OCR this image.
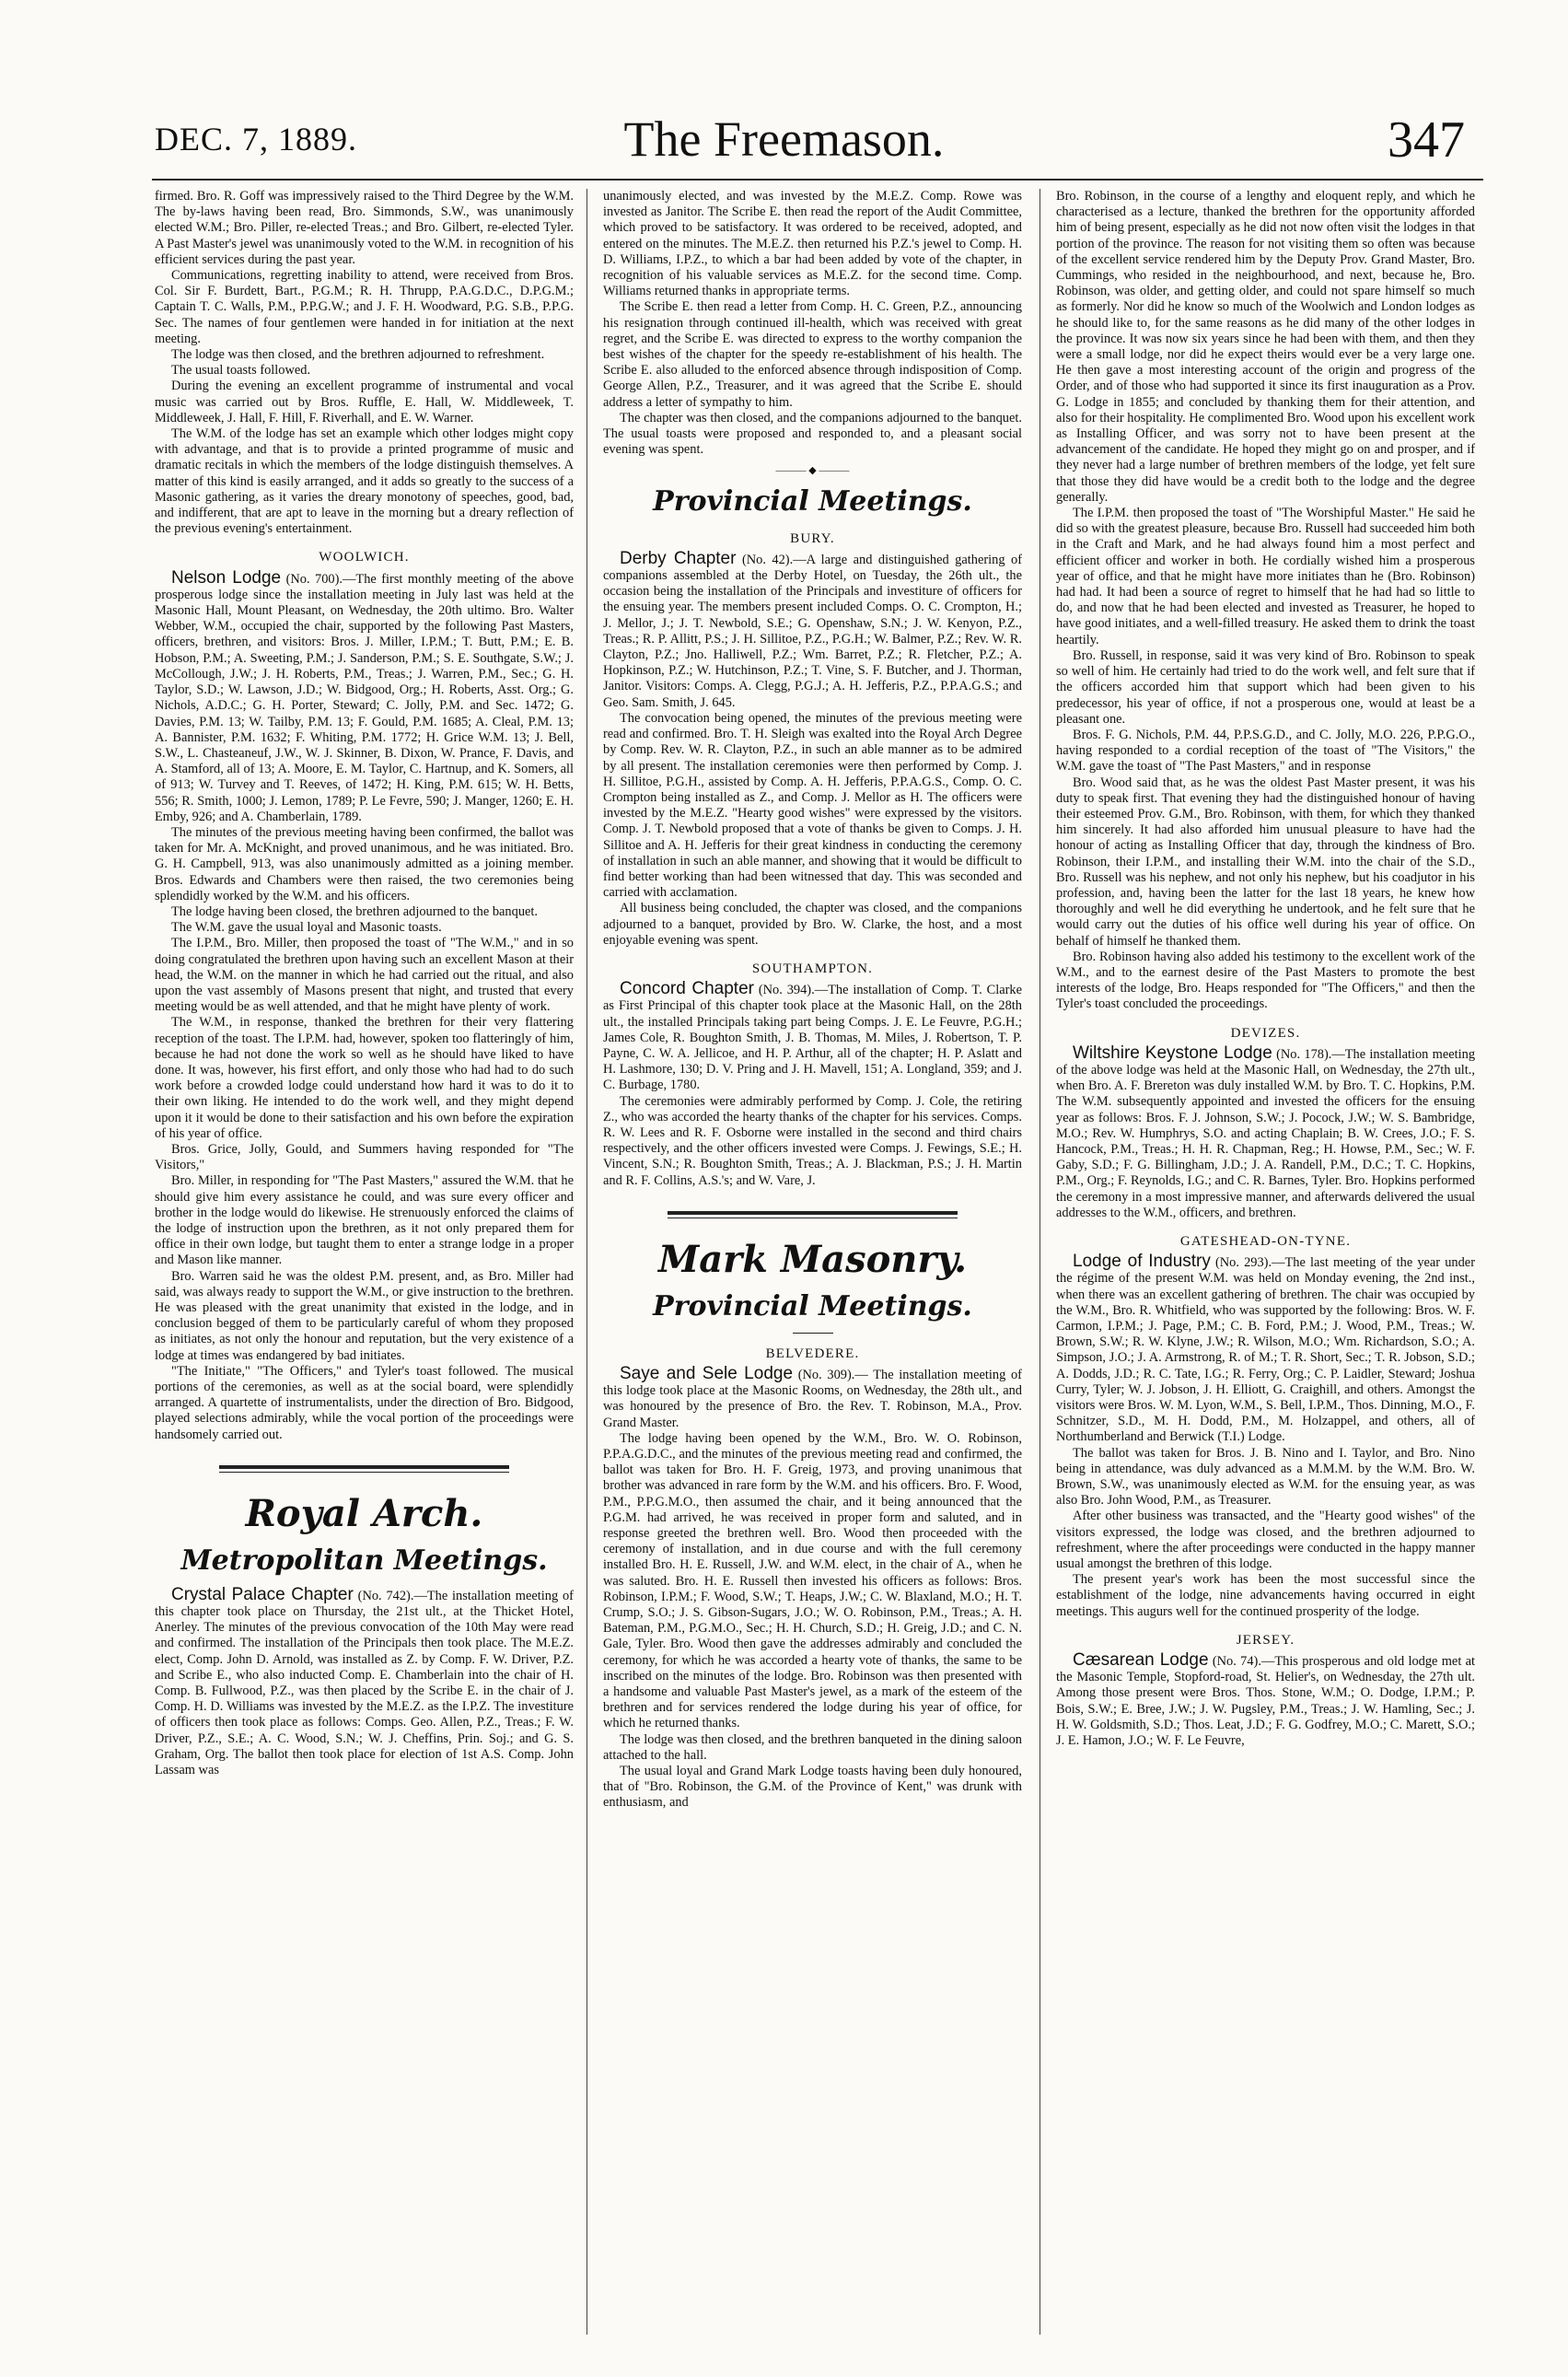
DEC. 7, 1889.	The Freemason.	347

firmed. Bro. R. Goff was impressively raised to the Third Degree by the W.M. The by-laws having been read, Bro. Simmonds, S.W., was unanimously elected W.M.; Bro. Piller, re-elected Treas.; and Bro. Gilbert, re-elected Tyler. A Past Master's jewel was unanimously voted to the W.M. in recognition of his efficient services during the past year.

Communications, regretting inability to attend, were received from Bros. Col. Sir F. Burdett, Bart., P.G.M.; R. H. Thrupp, P.A.G.D.C., D.P.G.M.; Captain T. C. Walls, P.M., P.P.G.W.; and J. F. H. Woodward, P.G. S.B., P.P.G. Sec. The names of four gentlemen were handed in for initiation at the next meeting.

The lodge was then closed, and the brethren adjourned to refreshment.

The usual toasts followed.

During the evening an excellent programme of instrumental and vocal music was carried out by Bros. Ruffle, E. Hall, W. Middleweek, T. Middleweek, J. Hall, F. Hill, F. Riverhall, and E. W. Warner.

The W.M. of the lodge has set an example which other lodges might copy with advantage, and that is to provide a printed programme of music and dramatic recitals in which the members of the lodge distinguish themselves. A matter of this kind is easily arranged, and it adds so greatly to the success of a Masonic gathering, as it varies the dreary monotony of speeches, good, bad, and indifferent, that are apt to leave in the morning but a dreary reflection of the previous evening's entertainment.

WOOLWICH.

Nelson Lodge (No. 700).—The first monthly meeting of the above prosperous lodge since the installation meeting in July last was held at the Masonic Hall, Mount Pleasant, on Wednesday, the 20th ultimo. Bro. Walter Webber, W.M., occupied the chair, supported by the following Past Masters, officers, brethren, and visitors: Bros. J. Miller, I.P.M.; T. Butt, P.M.; E. B. Hobson, P.M.; A. Sweeting, P.M.; J. Sanderson, P.M.; S. E. Southgate, S.W.; J. McCollough, J.W.; J. H. Roberts, P.M., Treas.; J. Warren, P.M., Sec.; G. H. Taylor, S.D.; W. Lawson, J.D.; W. Bidgood, Org.; H. Roberts, Asst. Org.; G. Nichols, A.D.C.; G. H. Porter, Steward; C. Jolly, P.M. and Sec. 1472; G. Davies, P.M. 13; W. Tailby, P.M. 13; F. Gould, P.M. 1685; A. Cleal, P.M. 13; A. Bannister, P.M. 1632; F. Whiting, P.M. 1772; H. Grice W.M. 13; J. Bell, S.W., L. Chasteaneuf, J.W., W. J. Skinner, B. Dixon, W. Prance, F. Davis, and A. Stamford, all of 13; A. Moore, E. M. Taylor, C. Hartnup, and K. Somers, all of 913; W. Turvey and T. Reeves, of 1472; H. King, P.M. 615; W. H. Betts, 556; R. Smith, 1000; J. Lemon, 1789; P. Le Fevre, 590; J. Manger, 1260; E. H. Emby, 926; and A. Chamberlain, 1789.

The minutes of the previous meeting having been confirmed, the ballot was taken for Mr. A. McKnight, and proved unanimous, and he was initiated. Bro. G. H. Campbell, 913, was also unanimously admitted as a joining member. Bros. Edwards and Chambers were then raised, the two ceremonies being splendidly worked by the W.M. and his officers.

The lodge having been closed, the brethren adjourned to the banquet.

The W.M. gave the usual loyal and Masonic toasts.

The I.P.M., Bro. Miller, then proposed the toast of "The W.M.," and in so doing congratulated the brethren upon having such an excellent Mason at their head, the W.M. on the manner in which he had carried out the ritual, and also upon the vast assembly of Masons present that night, and trusted that every meeting would be as well attended, and that he might have plenty of work.

The W.M., in response, thanked the brethren for their very flattering reception of the toast. The I.P.M. had, however, spoken too flatteringly of him, because he had not done the work so well as he should have liked to have done. It was, however, his first effort, and only those who had had to do such work before a crowded lodge could understand how hard it was to do it to their own liking. He intended to do the work well, and they might depend upon it it would be done to their satisfaction and his own before the expiration of his year of office.

Bros. Grice, Jolly, Gould, and Summers having responded for "The Visitors,"

Bro. Miller, in responding for "The Past Masters," assured the W.M. that he should give him every assistance he could, and was sure every officer and brother in the lodge would do likewise. He strenuously enforced the claims of the lodge of instruction upon the brethren, as it not only prepared them for office in their own lodge, but taught them to enter a strange lodge in a proper and Mason like manner.

Bro. Warren said he was the oldest P.M. present, and, as Bro. Miller had said, was always ready to support the W.M., or give instruction to the brethren. He was pleased with the great unanimity that existed in the lodge, and in conclusion begged of them to be particularly careful of whom they proposed as initiates, as not only the honour and reputation, but the very existence of a lodge at times was endangered by bad initiates.

"The Initiate," "The Officers," and Tyler's toast followed. The musical portions of the ceremonies, as well as at the social board, were splendidly arranged. A quartette of instrumentalists, under the direction of Bro. Bidgood, played selections admirably, while the vocal portion of the proceedings were handsomely carried out.

Royal Arch.
Metropolitan Meetings.

Crystal Palace Chapter (No. 742).—The installation meeting of this chapter took place on Thursday, the 21st ult., at the Thicket Hotel, Anerley. The minutes of the previous convocation of the 10th May were read and confirmed. The installation of the Principals then took place. The M.E.Z. elect, Comp. John D. Arnold, was installed as Z. by Comp. F. W. Driver, P.Z. and Scribe E., who also inducted Comp. E. Chamberlain into the chair of H. Comp. B. Fullwood, P.Z., was then placed by the Scribe E. in the chair of J. Comp. H. D. Williams was invested by the M.E.Z. as the I.P.Z. The investiture of officers then took place as follows: Comps. Geo. Allen, P.Z., Treas.; F. W. Driver, P.Z., S.E.; A. C. Wood, S.N.; W. J. Cheffins, Prin. Soj.; and G. S. Graham, Org. The ballot then took place for election of 1st A.S. Comp. John Lassam was

unanimously elected, and was invested by the M.E.Z. Comp. Rowe was invested as Janitor. The Scribe E. then read the report of the Audit Committee, which proved to be satisfactory. It was ordered to be received, adopted, and entered on the minutes. The M.E.Z. then returned his P.Z.'s jewel to Comp. H. D. Williams, I.P.Z., to which a bar had been added by vote of the chapter, in recognition of his valuable services as M.E.Z. for the second time. Comp. Williams returned thanks in appropriate terms.

The Scribe E. then read a letter from Comp. H. C. Green, P.Z., announcing his resignation through continued ill-health, which was received with great regret, and the Scribe E. was directed to express to the worthy companion the best wishes of the chapter for the speedy re-establishment of his health. The Scribe E. also alluded to the enforced absence through indisposition of Comp. George Allen, P.Z., Treasurer, and it was agreed that the Scribe E. should address a letter of sympathy to him.

The chapter was then closed, and the companions adjourned to the banquet. The usual toasts were proposed and responded to, and a pleasant social evening was spent.

——— ◆ ———
Provincial Meetings.
BURY.

Derby Chapter (No. 42).—A large and distinguished gathering of companions assembled at the Derby Hotel, on Tuesday, the 26th ult., the occasion being the installation of the Principals and investiture of officers for the ensuing year. The members present included Comps. O. C. Crompton, H.; J. Mellor, J.; J. T. Newbold, S.E.; G. Openshaw, S.N.; J. W. Kenyon, P.Z., Treas.; R. P. Allitt, P.S.; J. H. Sillitoe, P.Z., P.G.H.; W. Balmer, P.Z.; Rev. W. R. Clayton, P.Z.; Jno. Halliwell, P.Z.; Wm. Barret, P.Z.; R. Fletcher, P.Z.; A. Hopkinson, P.Z.; W. Hutchinson, P.Z.; T. Vine, S. F. Butcher, and J. Thorman, Janitor. Visitors: Comps. A. Clegg, P.G.J.; A. H. Jefferis, P.Z., P.P.A.G.S.; and Geo. Sam. Smith, J. 645.

The convocation being opened, the minutes of the previous meeting were read and confirmed. Bro. T. H. Sleigh was exalted into the Royal Arch Degree by Comp. Rev. W. R. Clayton, P.Z., in such an able manner as to be admired by all present. The installation ceremonies were then performed by Comp. J. H. Sillitoe, P.G.H., assisted by Comp. A. H. Jefferis, P.P.A.G.S., Comp. O. C. Crompton being installed as Z., and Comp. J. Mellor as H. The officers were invested by the M.E.Z. "Hearty good wishes" were expressed by the visitors. Comp. J. T. Newbold proposed that a vote of thanks be given to Comps. J. H. Sillitoe and A. H. Jefferis for their great kindness in conducting the ceremony of installation in such an able manner, and showing that it would be difficult to find better working than had been witnessed that day. This was seconded and carried with acclamation.

All business being concluded, the chapter was closed, and the companions adjourned to a banquet, provided by Bro. W. Clarke, the host, and a most enjoyable evening was spent.

SOUTHAMPTON.

Concord Chapter (No. 394).—The installation of Comp. T. Clarke as First Principal of this chapter took place at the Masonic Hall, on the 28th ult., the installed Principals taking part being Comps. J. E. Le Feuvre, P.G.H.; James Cole, R. Boughton Smith, J. B. Thomas, M. Miles, J. Robertson, T. P. Payne, C. W. A. Jellicoe, and H. P. Arthur, all of the chapter; H. P. Aslatt and H. Lashmore, 130; D. V. Pring and J. H. Mavell, 151; A. Longland, 359; and J. C. Burbage, 1780.

The ceremonies were admirably performed by Comp. J. Cole, the retiring Z., who was accorded the hearty thanks of the chapter for his services. Comps. R. W. Lees and R. F. Osborne were installed in the second and third chairs respectively, and the other officers invested were Comps. J. Fewings, S.E.; H. Vincent, S.N.; R. Boughton Smith, Treas.; A. J. Blackman, P.S.; J. H. Martin and R. F. Collins, A.S.'s; and W. Vare, J.

Mark Masonry.
Provincial Meetings.
BELVEDERE.

Saye and Sele Lodge (No. 309).— The installation meeting of this lodge took place at the Masonic Rooms, on Wednesday, the 28th ult., and was honoured by the presence of Bro. the Rev. T. Robinson, M.A., Prov. Grand Master.

The lodge having been opened by the W.M., Bro. W. O. Robinson, P.P.A.G.D.C., and the minutes of the previous meeting read and confirmed, the ballot was taken for Bro. H. F. Greig, 1973, and proving unanimous that brother was advanced in rare form by the W.M. and his officers. Bro. F. Wood, P.M., P.P.G.M.O., then assumed the chair, and it being announced that the P.G.M. had arrived, he was received in proper form and saluted, and in response greeted the brethren well. Bro. Wood then proceeded with the ceremony of installation, and in due course and with the full ceremony installed Bro. H. E. Russell, J.W. and W.M. elect, in the chair of A., when he was saluted. Bro. H. E. Russell then invested his officers as follows: Bros. Robinson, I.P.M.; F. Wood, S.W.; T. Heaps, J.W.; C. W. Blaxland, M.O.; H. T. Crump, S.O.; J. S. Gibson-Sugars, J.O.; W. O. Robinson, P.M., Treas.; A. H. Bateman, P.M., P.G.M.O., Sec.; H. H. Church, S.D.; H. Greig, J.D.; and C. N. Gale, Tyler. Bro. Wood then gave the addresses admirably and concluded the ceremony, for which he was accorded a hearty vote of thanks, the same to be inscribed on the minutes of the lodge. Bro. Robinson was then presented with a handsome and valuable Past Master's jewel, as a mark of the esteem of the brethren and for services rendered the lodge during his year of office, for which he returned thanks.

The lodge was then closed, and the brethren banqueted in the dining saloon attached to the hall.

The usual loyal and Grand Mark Lodge toasts having been duly honoured, that of "Bro. Robinson, the G.M. of the Province of Kent," was drunk with enthusiasm, and

Bro. Robinson, in the course of a lengthy and eloquent reply, and which he characterised as a lecture, thanked the brethren for the opportunity afforded him of being present, especially as he did not now often visit the lodges in that portion of the province. The reason for not visiting them so often was because of the excellent service rendered him by the Deputy Prov. Grand Master, Bro. Cummings, who resided in the neighbourhood, and next, because he, Bro. Robinson, was older, and getting older, and could not spare himself so much as formerly. Nor did he know so much of the Woolwich and London lodges as he should like to, for the same reasons as he did many of the other lodges in the province. It was now six years since he had been with them, and then they were a small lodge, nor did he expect theirs would ever be a very large one. He then gave a most interesting account of the origin and progress of the Order, and of those who had supported it since its first inauguration as a Prov. G. Lodge in 1855; and concluded by thanking them for their attention, and also for their hospitality. He complimented Bro. Wood upon his excellent work as Installing Officer, and was sorry not to have been present at the advancement of the candidate. He hoped they might go on and prosper, and if they never had a large number of brethren members of the lodge, yet felt sure that those they did have would be a credit both to the lodge and the degree generally.

The I.P.M. then proposed the toast of "The Worshipful Master." He said he did so with the greatest pleasure, because Bro. Russell had succeeded him both in the Craft and Mark, and he had always found him a most perfect and efficient officer and worker in both. He cordially wished him a prosperous year of office, and that he might have more initiates than he (Bro. Robinson) had had. It had been a source of regret to himself that he had had so little to do, and now that he had been elected and invested as Treasurer, he hoped to have good initiates, and a well-filled treasury. He asked them to drink the toast heartily.

Bro. Russell, in response, said it was very kind of Bro. Robinson to speak so well of him. He certainly had tried to do the work well, and felt sure that if the officers accorded him that support which had been given to his predecessor, his year of office, if not a prosperous one, would at least be a pleasant one.

Bros. F. G. Nichols, P.M. 44, P.P.S.G.D., and C. Jolly, M.O. 226, P.P.G.O., having responded to a cordial reception of the toast of "The Visitors," the W.M. gave the toast of "The Past Masters," and in response

Bro. Wood said that, as he was the oldest Past Master present, it was his duty to speak first. That evening they had the distinguished honour of having their esteemed Prov. G.M., Bro. Robinson, with them, for which they thanked him sincerely. It had also afforded him unusual pleasure to have had the honour of acting as Installing Officer that day, through the kindness of Bro. Robinson, their I.P.M., and installing their W.M. into the chair of the S.D., Bro. Russell was his nephew, and not only his nephew, but his coadjutor in his profession, and, having been the latter for the last 18 years, he knew how thoroughly and well he did everything he undertook, and he felt sure that he would carry out the duties of his office well during his year of office. On behalf of himself he thanked them.

Bro. Robinson having also added his testimony to the excellent work of the W.M., and to the earnest desire of the Past Masters to promote the best interests of the lodge, Bro. Heaps responded for "The Officers," and then the Tyler's toast concluded the proceedings.

DEVIZES.

Wiltshire Keystone Lodge (No. 178).—The installation meeting of the above lodge was held at the Masonic Hall, on Wednesday, the 27th ult., when Bro. A. F. Brereton was duly installed W.M. by Bro. T. C. Hopkins, P.M. The W.M. subsequently appointed and invested the officers for the ensuing year as follows: Bros. F. J. Johnson, S.W.; J. Pocock, J.W.; W. S. Bambridge, M.O.; Rev. W. Humphrys, S.O. and acting Chaplain; B. W. Crees, J.O.; F. S. Hancock, P.M., Treas.; H. H. R. Chapman, Reg.; H. Howse, P.M., Sec.; W. F. Gaby, S.D.; F. G. Billingham, J.D.; J. A. Randell, P.M., D.C.; T. C. Hopkins, P.M., Org.; F. Reynolds, I.G.; and C. R. Barnes, Tyler. Bro. Hopkins performed the ceremony in a most impressive manner, and afterwards delivered the usual addresses to the W.M., officers, and brethren.

GATESHEAD-ON-TYNE.

Lodge of Industry (No. 293).—The last meeting of the year under the régime of the present W.M. was held on Monday evening, the 2nd inst., when there was an excellent gathering of brethren. The chair was occupied by the W.M., Bro. R. Whitfield, who was supported by the following: Bros. W. F. Carmon, I.P.M.; J. Page, P.M.; C. B. Ford, P.M.; J. Wood, P.M., Treas.; W. Brown, S.W.; R. W. Klyne, J.W.; R. Wilson, M.O.; Wm. Richardson, S.O.; A. Simpson, J.O.; J. A. Armstrong, R. of M.; T. R. Short, Sec.; T. R. Jobson, S.D.; A. Dodds, J.D.; R. C. Tate, I.G.; R. Ferry, Org.; C. P. Laidler, Steward; Joshua Curry, Tyler; W. J. Jobson, J. H. Elliott, G. Craighill, and others. Amongst the visitors were Bros. W. M. Lyon, W.M., S. Bell, I.P.M., Thos. Dinning, M.O., F. Schnitzer, S.D., M. H. Dodd, P.M., M. Holzappel, and others, all of Northumberland and Berwick (T.I.) Lodge.

The ballot was taken for Bros. J. B. Nino and I. Taylor, and Bro. Nino being in attendance, was duly advanced as a M.M.M. by the W.M. Bro. W. Brown, S.W., was unanimously elected as W.M. for the ensuing year, as was also Bro. John Wood, P.M., as Treasurer.

After other business was transacted, and the "Hearty good wishes" of the visitors expressed, the lodge was closed, and the brethren adjourned to refreshment, where the after proceedings were conducted in the happy manner usual amongst the brethren of this lodge.

The present year's work has been the most successful since the establishment of the lodge, nine advancements having occurred in eight meetings. This augurs well for the continued prosperity of the lodge.

JERSEY.

Cæsarean Lodge (No. 74).—This prosperous and old lodge met at the Masonic Temple, Stopford-road, St. Helier's, on Wednesday, the 27th ult. Among those present were Bros. Thos. Stone, W.M.; O. Dodge, I.P.M.; P. Bois, S.W.; E. Bree, J.W.; J. W. Pugsley, P.M., Treas.; J. W. Hamling, Sec.; J. H. W. Goldsmith, S.D.; Thos. Leat, J.D.; F. G. Godfrey, M.O.; C. Marett, S.O.; J. E. Hamon, J.O.; W. F. Le Feuvre,
